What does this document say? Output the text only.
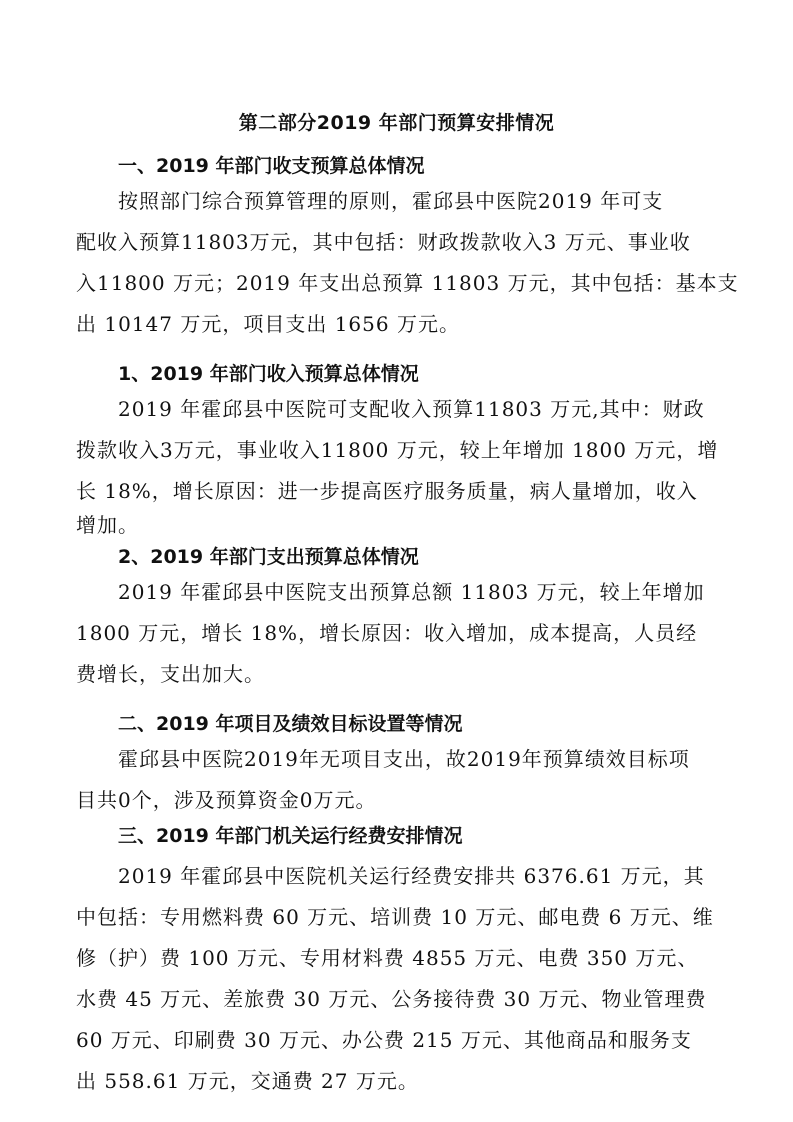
第二部分2019 年部门预算安排情况
一、2019 年部门收支预算总体情况
按照部门综合预算管理的原则，霍邱县中医院2019 年可支
配收入预算11803万元，其中包括：财政拨款收入3 万元、事业收
入11800 万元；2019 年支出总预算 11803 万元，其中包括：基本支
出 10147 万元，项目支出 1656 万元。
1、2019 年部门收入预算总体情况
2019 年霍邱县中医院可支配收入预算11803 万元,其中：财政
拨款收入3万元，事业收入11800 万元，较上年增加 1800 万元，增
长 18%，增长原因：进一步提高医疗服务质量，病人量增加，收入
增加。
2、2019 年部门支出预算总体情况
2019 年霍邱县中医院支出预算总额 11803 万元，较上年增加
1800 万元，增长 18%，增长原因：收入增加，成本提高，人员经
费增长，支出加大。
二、2019 年项目及绩效目标设置等情况
霍邱县中医院2019年无项目支出，故2019年预算绩效目标项
目共0个，涉及预算资金0万元。
三、2019 年部门机关运行经费安排情况
2019 年霍邱县中医院机关运行经费安排共 6376.61 万元，其
中包括：专用燃料费 60 万元、培训费 10 万元、邮电费 6 万元、维
修（护）费 100 万元、专用材料费 4855 万元、电费 350 万元、
水费 45 万元、差旅费 30 万元、公务接待费 30 万元、物业管理费
60 万元、印刷费 30 万元、办公费 215 万元、其他商品和服务支
出 558.61 万元，交通费 27 万元。
